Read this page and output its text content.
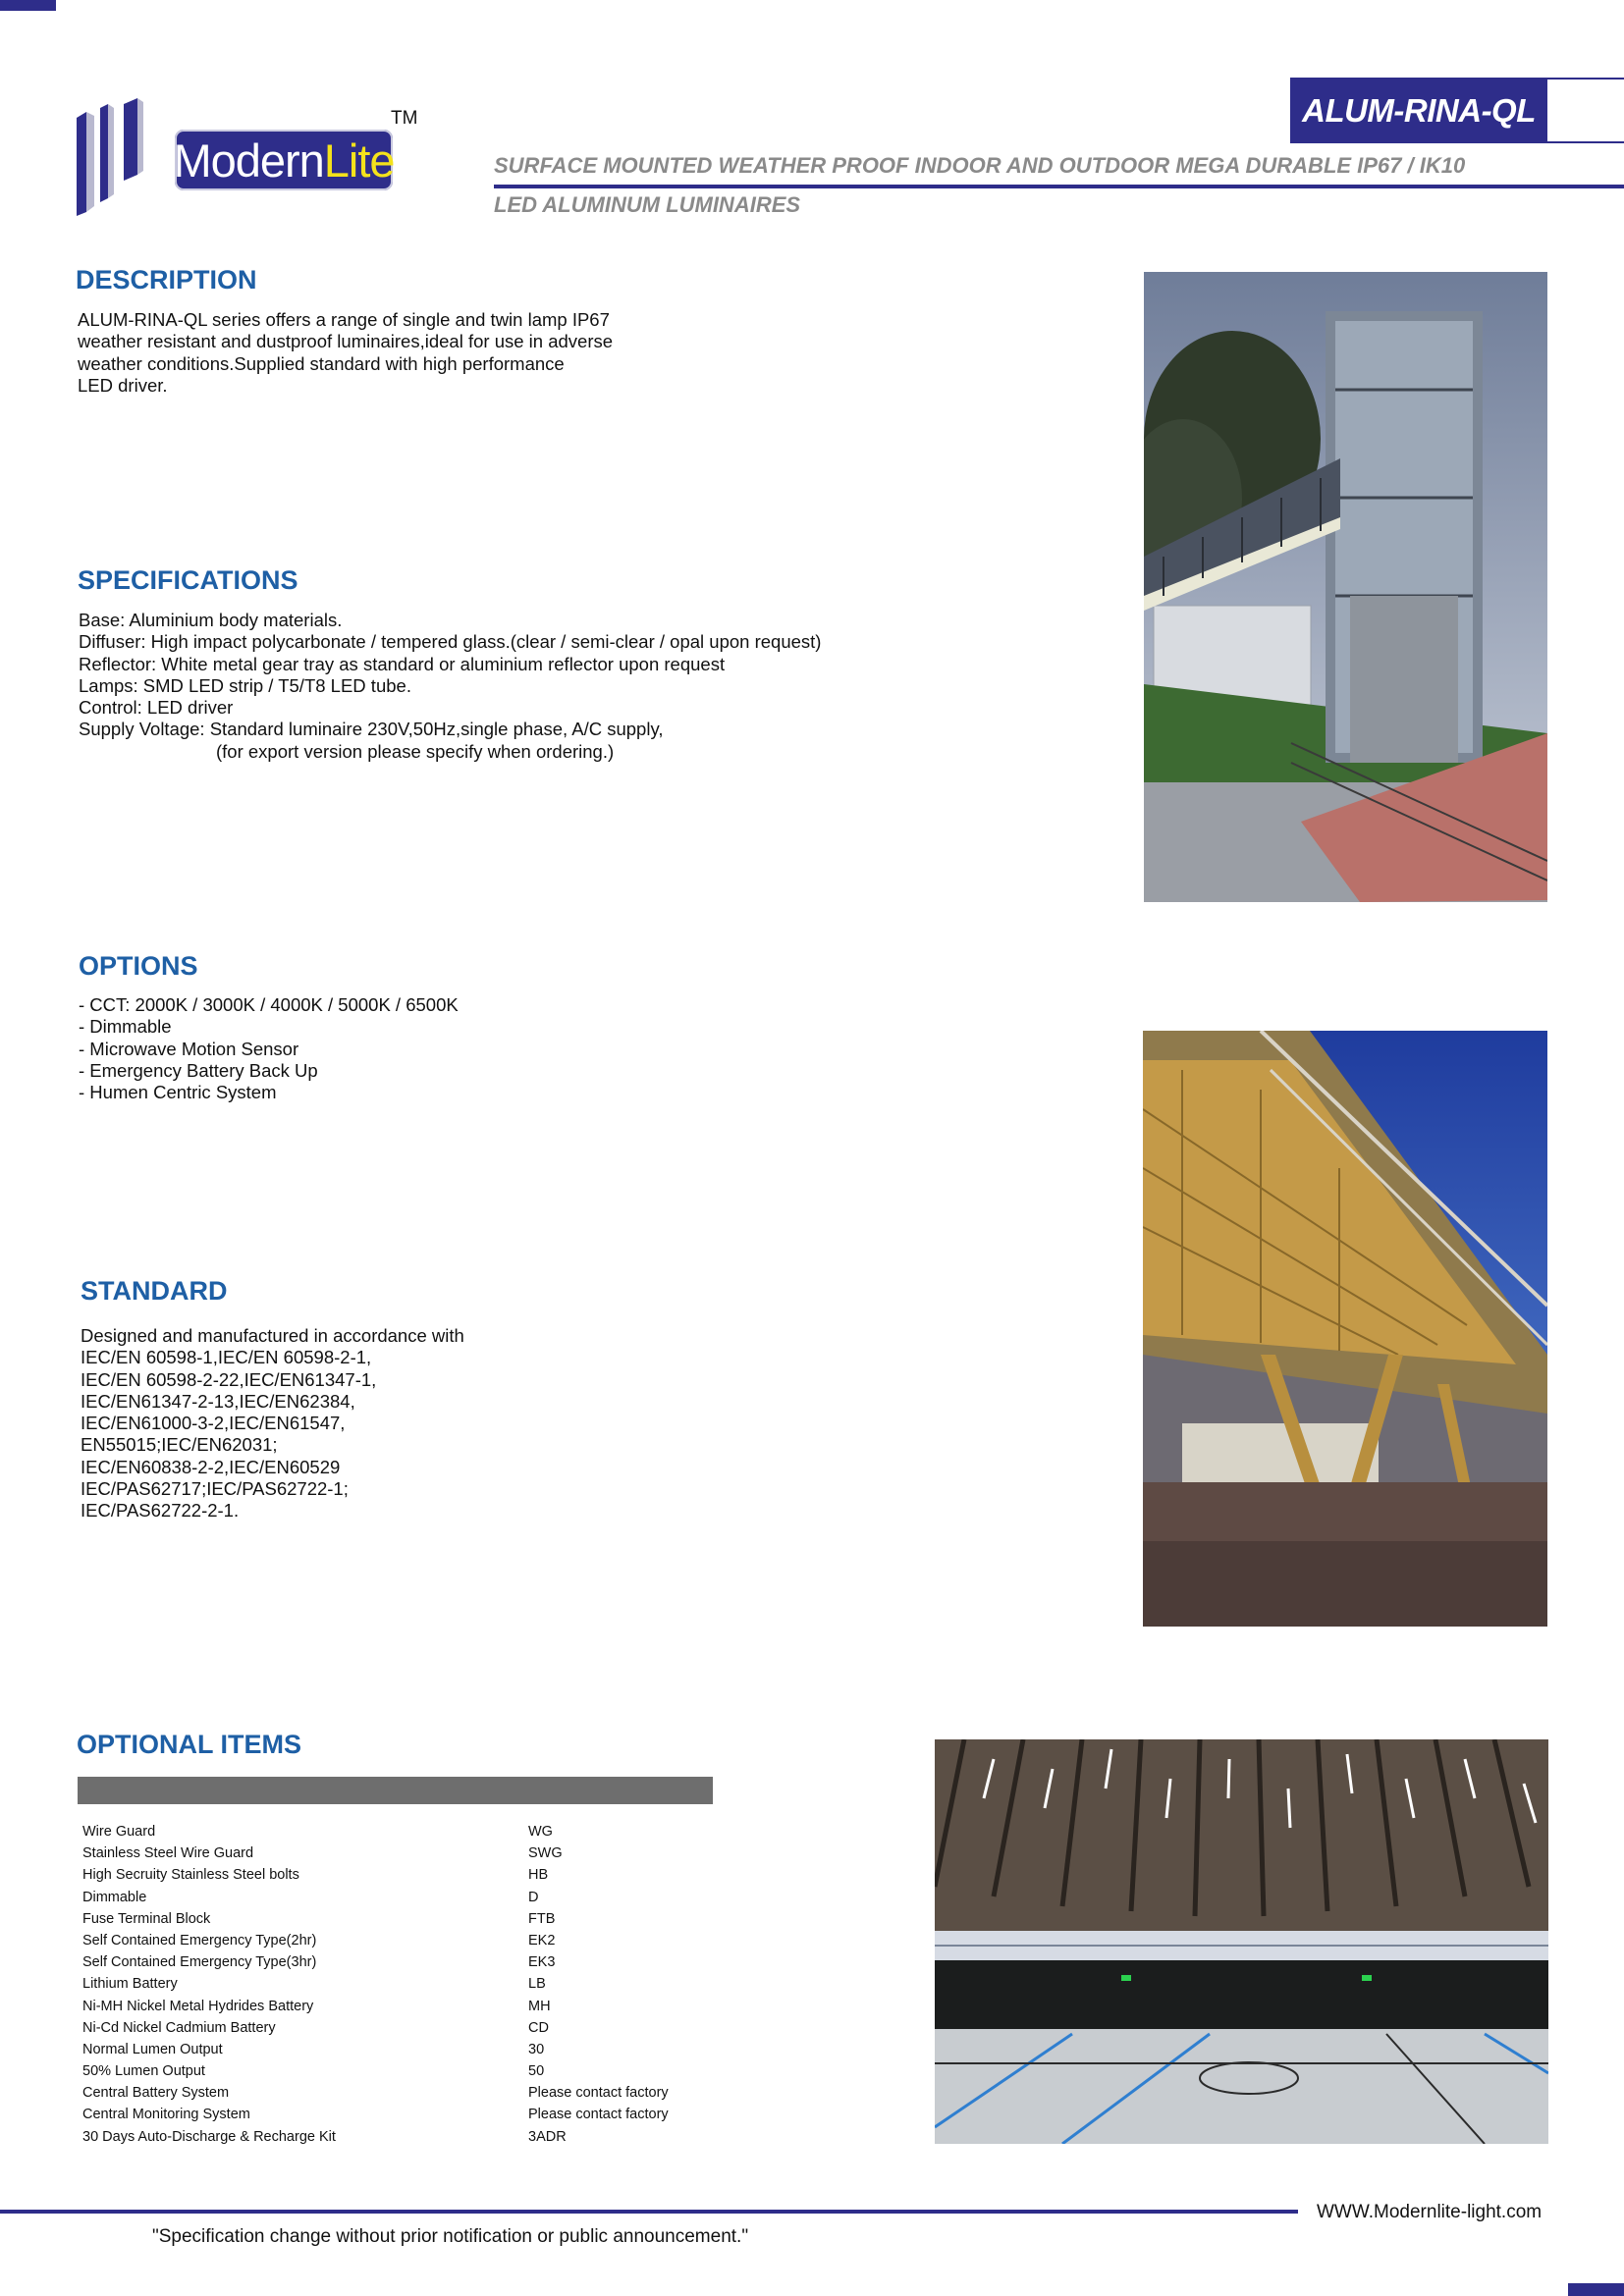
Modern Lite
TM	ALUM-RINA-QL
SURFACE MOUNTED WEATHER PROOF INDOOR AND OUTDOOR MEGA DURABLE IP67 / IK10
LED ALUMINUM LUMINAIRES
DESCRIPTION
ALUM-RINA-QL series offers a range of single and twin lamp IP67
weather resistant and dustproof luminaires,ideal for use in adverse
weather conditions.Supplied standard with high performance
LED driver.
SPECIFICATIONS
Base: Aluminium body materials.
Diffuser: High impact polycarbonate / tempered glass.(clear / semi-clear / opal upon request)
Reflector: White metal gear tray as standard or aluminium reflector upon request
Lamps: SMD LED strip / T5/T8 LED tube.
Control: LED driver
Supply Voltage: Standard luminaire 230V,50Hz,single phase, A/C supply,
(for export version please specify when ordering.)
OPTIONS
- CCT: 2000K / 3000K / 4000K / 5000K / 6500K
- Dimmable
- Microwave Motion Sensor
- Emergency Battery Back Up
- Humen Centric System
STANDARD
Designed and manufactured in accordance with
IEC/EN 60598-1,IEC/EN 60598-2-1,
IEC/EN 60598-2-22,IEC/EN61347-1,
IEC/EN61347-2-13,IEC/EN62384,
IEC/EN61000-3-2,IEC/EN61547,
EN55015;IEC/EN62031;
IEC/EN60838-2-2,IEC/EN60529
IEC/PAS62717;IEC/PAS62722-1;
IEC/PAS62722-2-1.
OPTIONAL ITEMS
Wire Guard	WG
Stainless Steel Wire Guard	SWG
High Secruity Stainless Steel bolts	HB
Dimmable	D
Fuse Terminal Block	FTB
Self Contained Emergency Type(2hr)	EK2
Self Contained Emergency Type(3hr)	EK3
Lithium Battery	LB
Ni-MH Nickel Metal Hydrides Battery	MH
Ni-Cd Nickel Cadmium Battery	CD
Normal Lumen Output	30
50% Lumen Output	50
Central Battery System	Please contact factory
Central Monitoring System	Please contact factory
30 Days Auto-Discharge & Recharge Kit	3ADR
WWW.Modernlite-light.com
"Specification change without prior notification or public announcement."
